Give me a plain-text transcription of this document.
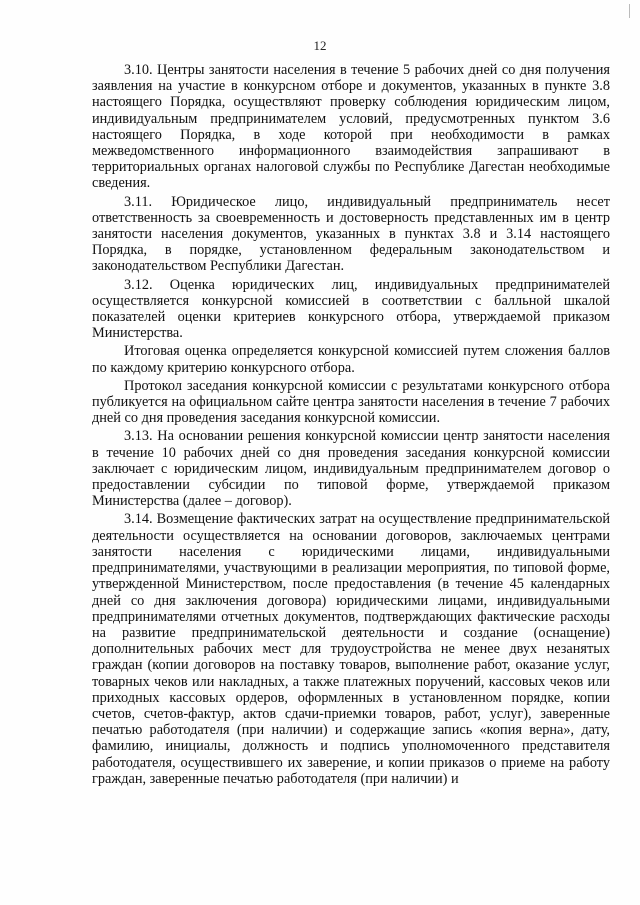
12

3.10. Центры занятости населения в течение 5 рабочих дней со дня получения заявления на участие в конкурсном отборе и документов, указанных в пункте 3.8 настоящего Порядка, осуществляют проверку соблюдения юридическим лицом, индивидуальным предпринимателем условий, предусмотренных пунктом 3.6 настоящего Порядка, в ходе которой при необходимости в рамках межведомственного информационного взаимодействия запрашивают в территориальных органах налоговой службы по Республике Дагестан необходимые сведения.

3.11. Юридическое лицо, индивидуальный предприниматель несет ответственность за своевременность и достоверность представленных им в центр занятости населения документов, указанных в пунктах 3.8 и 3.14 настоящего Порядка, в порядке, установленном федеральным законодательством и законодательством Республики Дагестан.

3.12. Оценка юридических лиц, индивидуальных предпринимателей осуществляется конкурсной комиссией в соответствии с балльной шкалой показателей оценки критериев конкурсного отбора, утверждаемой приказом Министерства.

Итоговая оценка определяется конкурсной комиссией путем сложения баллов по каждому критерию конкурсного отбора.

Протокол заседания конкурсной комиссии с результатами конкурсного отбора публикуется на официальном сайте центра занятости населения в течение 7 рабочих дней со дня проведения заседания конкурсной комиссии.

3.13. На основании решения конкурсной комиссии центр занятости населения в течение 10 рабочих дней со дня проведения заседания конкурсной комиссии заключает с юридическим лицом, индивидуальным предпринимателем договор о предоставлении субсидии по типовой форме, утверждаемой приказом Министерства (далее – договор).

3.14. Возмещение фактических затрат на осуществление предпринимательской деятельности осуществляется на основании договоров, заключаемых центрами занятости населения с юридическими лицами, индивидуальными предпринимателями, участвующими в реализации мероприятия, по типовой форме, утвержденной Министерством, после предоставления (в течение 45 календарных дней со дня заключения договора) юридическими лицами, индивидуальными предпринимателями отчетных документов, подтверждающих фактические расходы на развитие предпринимательской деятельности и создание (оснащение) дополнительных рабочих мест для трудоустройства не менее двух незанятых граждан (копии договоров на поставку товаров, выполнение работ, оказание услуг, товарных чеков или накладных, а также платежных поручений, кассовых чеков или приходных кассовых ордеров, оформленных в установленном порядке, копии счетов, счетов-фактур, актов сдачи-приемки товаров, работ, услуг), заверенные печатью работодателя (при наличии) и содержащие запись «копия верна», дату, фамилию, инициалы, должность и подпись уполномоченного представителя работодателя, осуществившего их заверение, и копии приказов о приеме на работу граждан, заверенные печатью работодателя (при наличии) и
